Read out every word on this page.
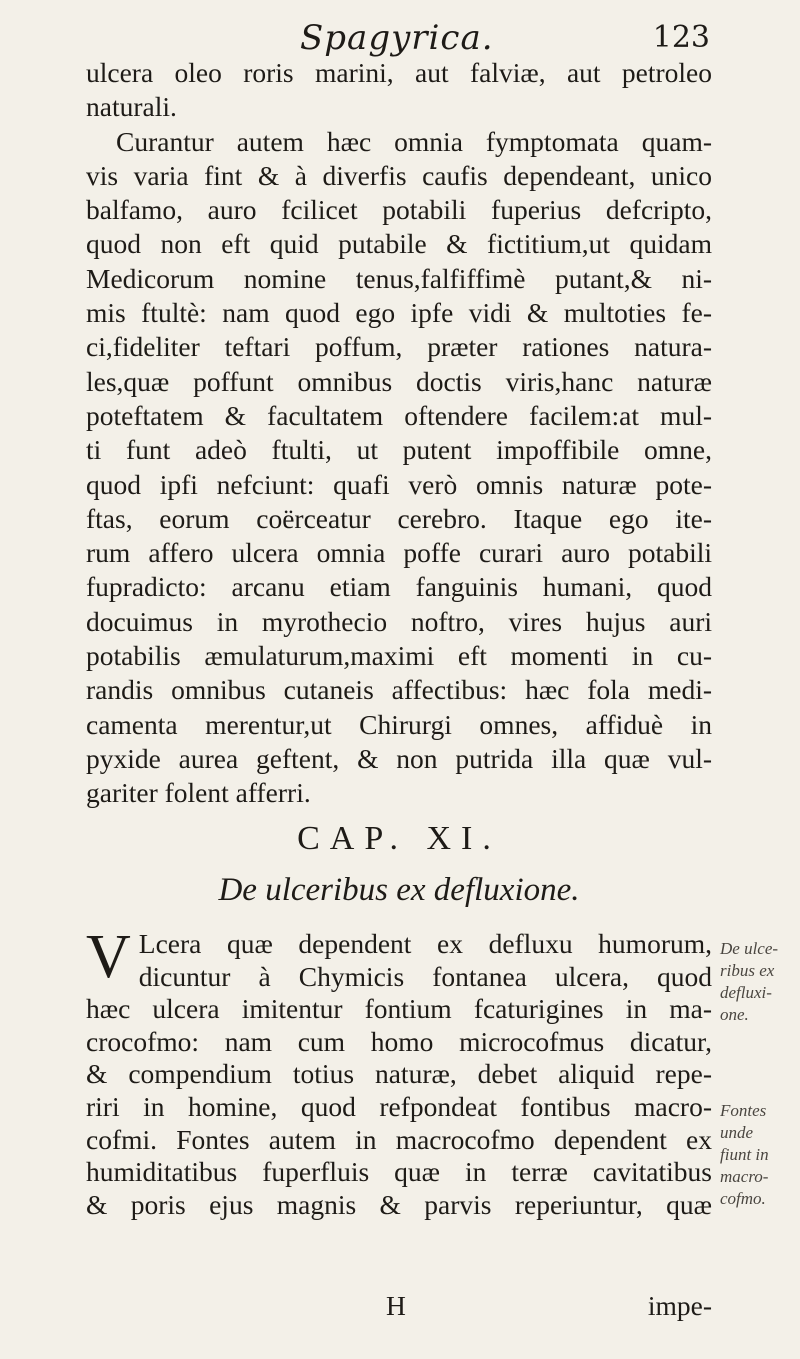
Spagyrica.	123

ulcera oleo roris marini, aut falviæ, aut petroleo
naturali.

Curantur autem hæc omnia fymptomata quam-
vis varia fint & à diverfis caufis dependeant, unico
balfamo, auro fcilicet potabili fuperius defcripto,
quod non eft quid putabile & fictitium,ut quidam
Medicorum nomine tenus,falfiffimè putant,& ni-
mis ftultè: nam quod ego ipfe vidi & multoties fe-
ci,fideliter teftari poffum, præter rationes natura-
les,quæ poffunt omnibus doctis viris,hanc naturæ
poteftatem & facultatem oftendere facilem:at mul-
ti funt adeò ftulti, ut putent impoffibile omne,
quod ipfi nefciunt: quafi verò omnis naturæ pote-
ftas, eorum coërceatur cerebro. Itaque ego ite-
rum affero ulcera omnia poffe curari auro potabili
fupradicto: arcanu etiam fanguinis humani, quod
docuimus in myrothecio noftro, vires hujus auri
potabilis æmulaturum,maximi eft momenti in cu-
randis omnibus cutaneis affectibus: hæc fola medi-
camenta merentur,ut Chirurgi omnes, affiduè in
pyxide aurea geftent, & non putrida illa quæ vul-
gariter folent afferri.

CAP. XI.
De ulceribus ex defluxione.
V Lcera quæ dependent ex defluxu humorum,
dicuntur à Chymicis fontanea ulcera, quod
hæc ulcera imitentur fontium fcaturigines in ma-
crocofmo: nam cum homo microcofmus dicatur,
& compendium totius naturæ, debet aliquid repe-
riri in homine, quod refpondeat fontibus macro-
cofmi. Fontes autem in macrocofmo dependent ex
humiditatibus fuperfluis quæ in terræ cavitatibus
& poris ejus magnis & parvis reperiuntur, quæ
De ulce-
ribus ex
defluxi-
one.
Fontes
unde
fiunt in
macro-
cofmo.
H	impe-
